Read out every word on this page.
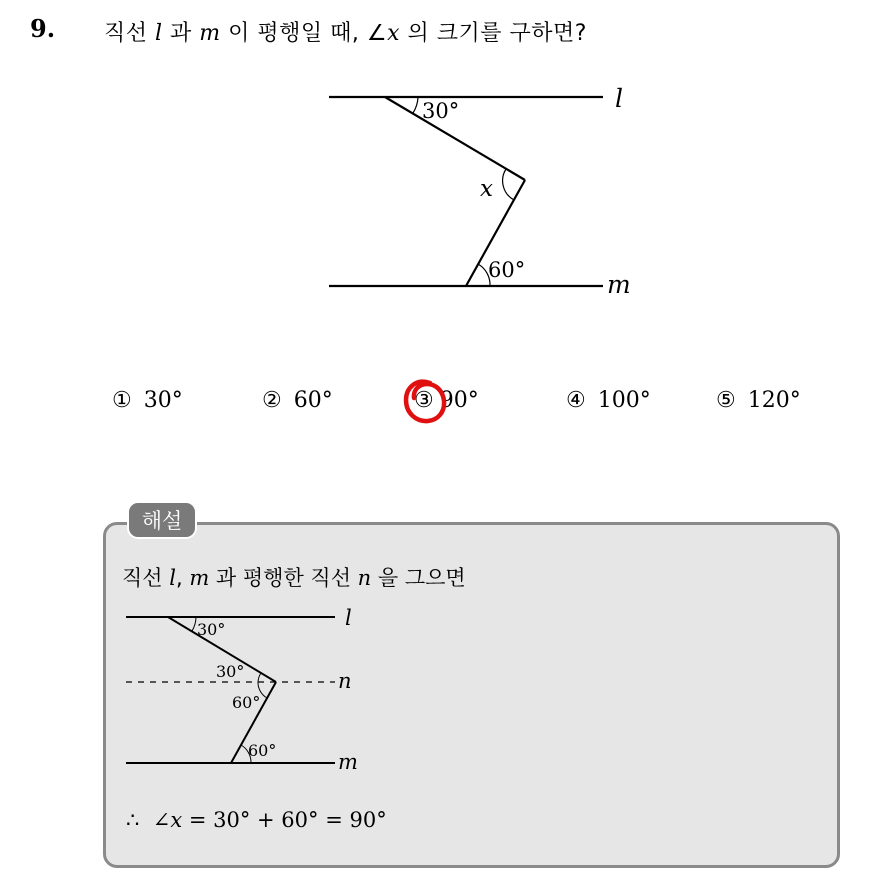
9. 직선 l 과 m 이 평행일 때, ∠x 의 크기를 구하면?
30°
x
60°
l
m
① 30°	② 60°	③ 90°	④ 100°	⑤ 120°
해설
직선 l, m 과 평행한 직선 n 을 그으면
30°
30°
60°
60°
l
n
m
∴ ∠x = 30° + 60° = 90°
